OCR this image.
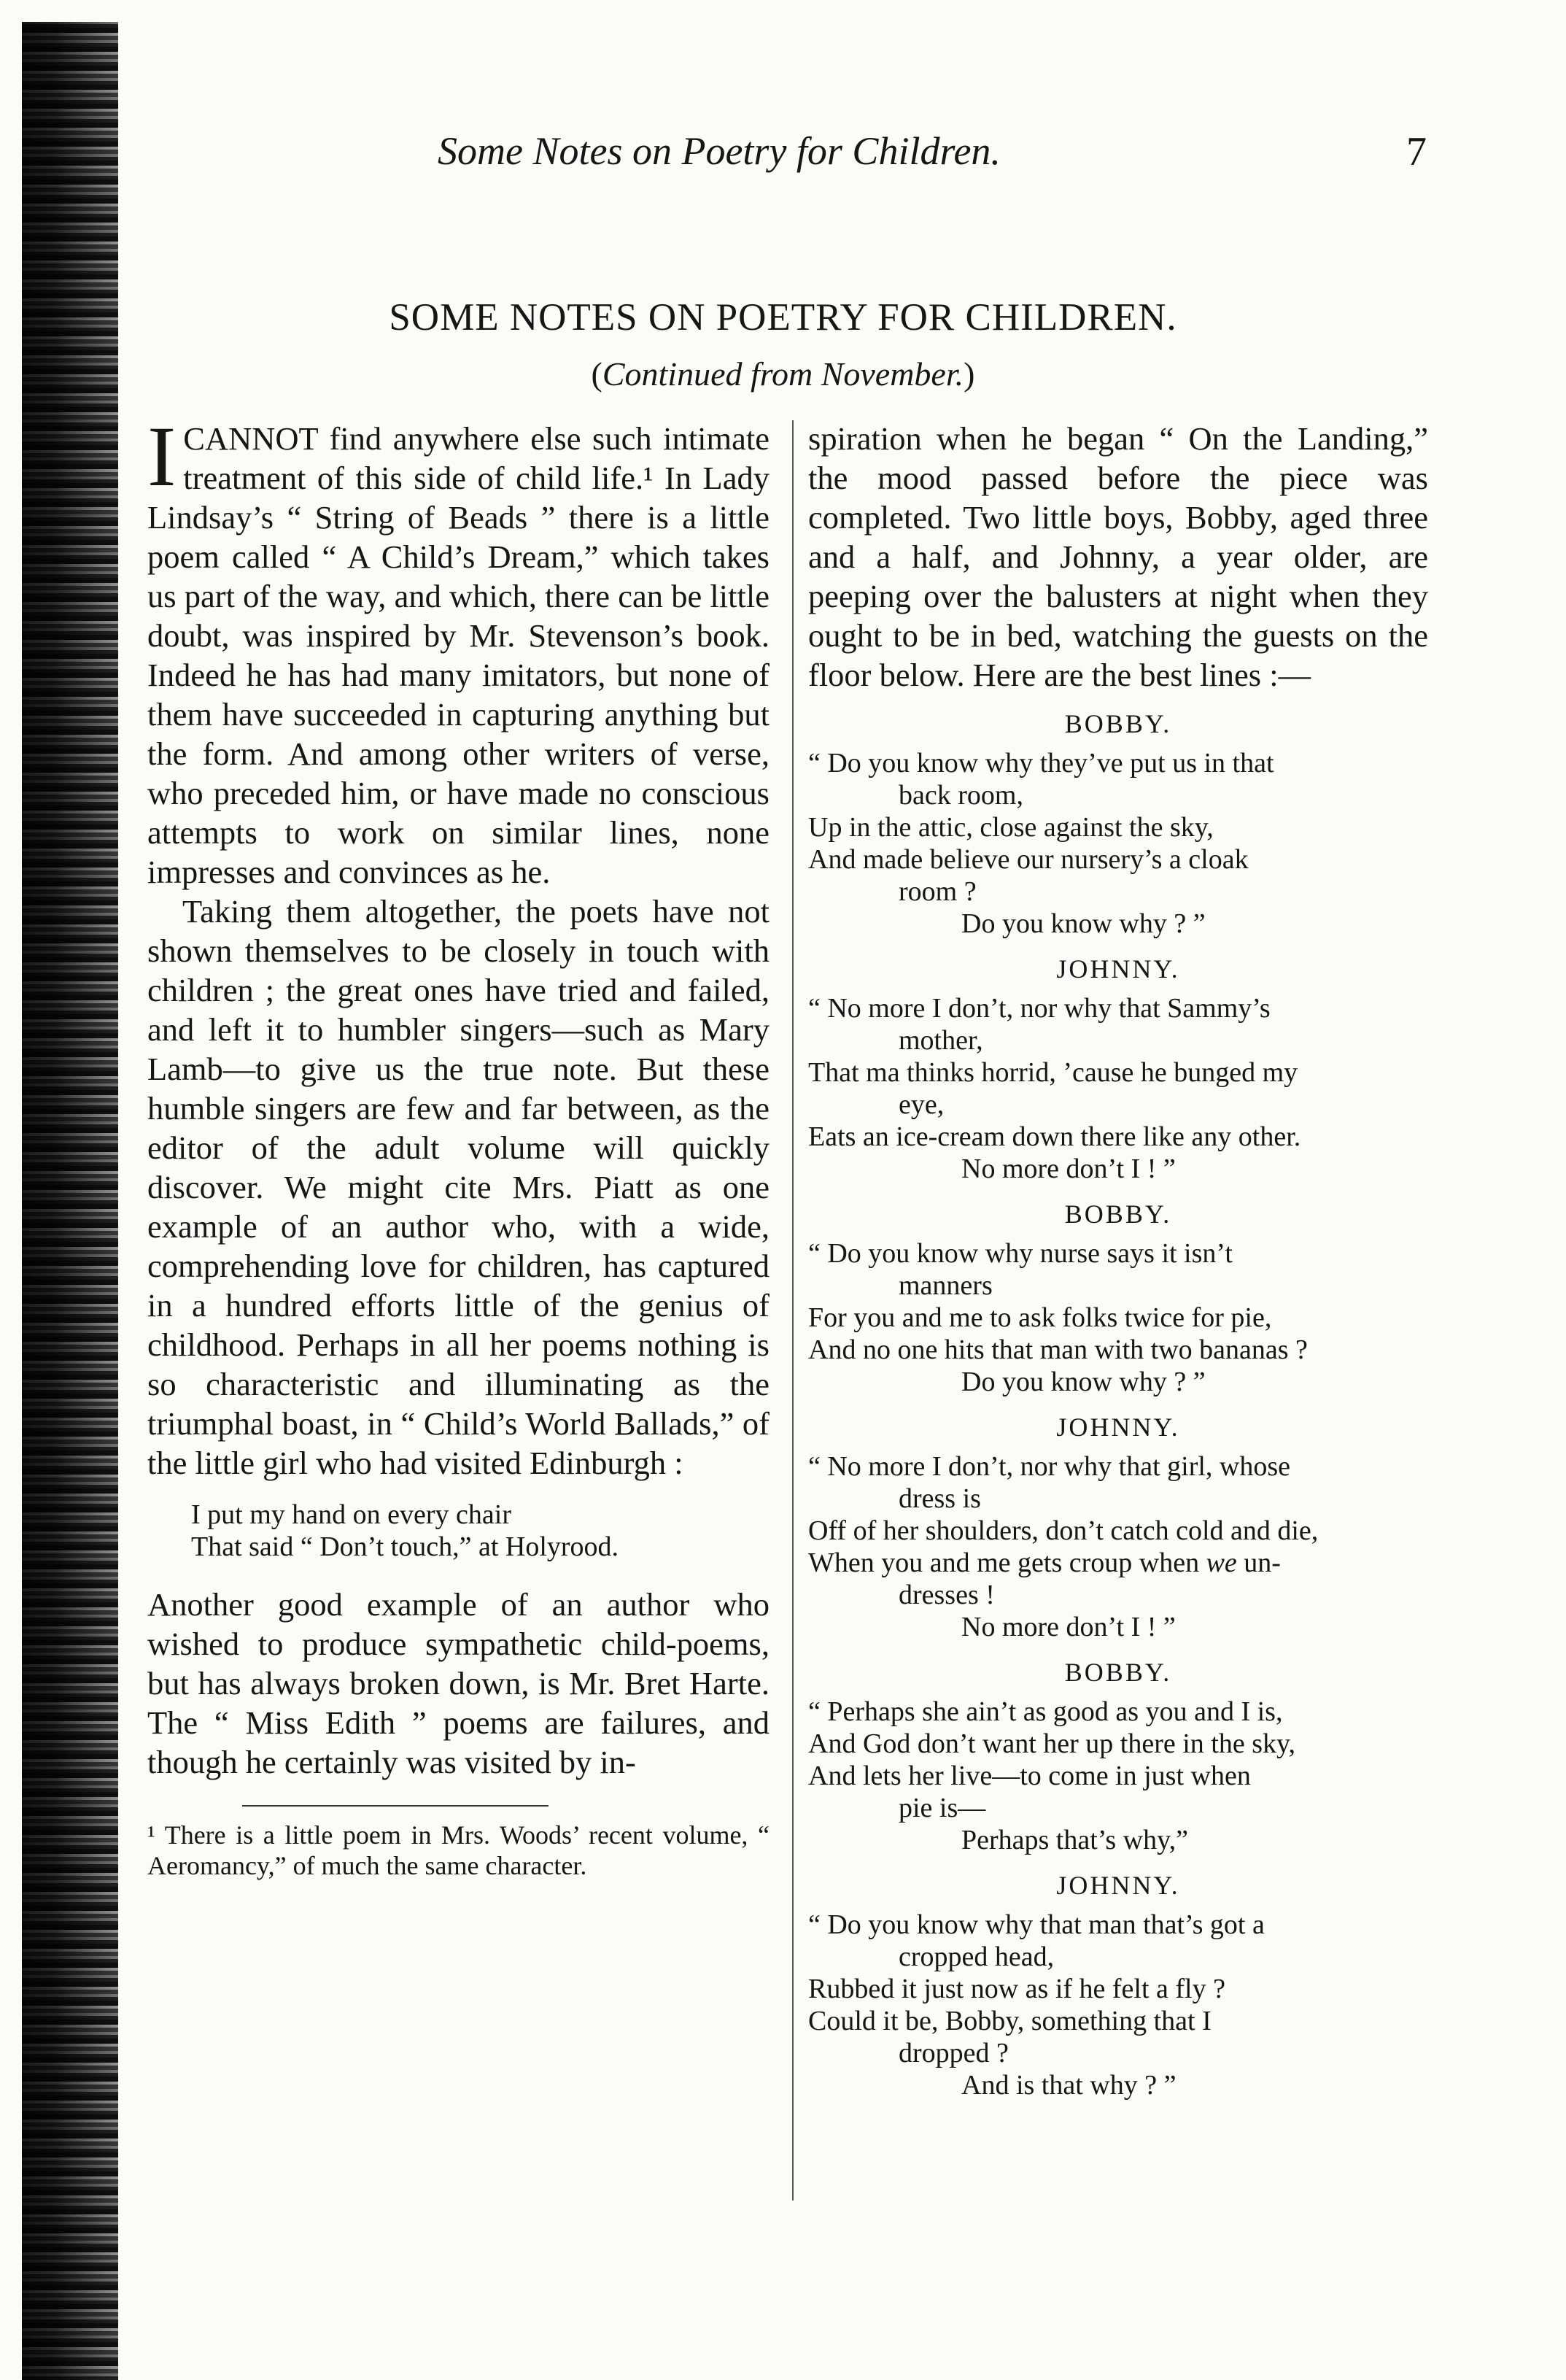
Some Notes on Poetry for Children.	7
SOME NOTES ON POETRY FOR CHILDREN.
(Continued from November.)

ICANNOT find anywhere else such intimate treatment of this side of child life.¹ In Lady Lindsay’s “ String of Beads ” there is a little poem called “ A Child’s Dream,” which takes us part of the way, and which, there can be little doubt, was inspired by Mr. Stevenson’s book. Indeed he has had many imitators, but none of them have succeeded in capturing anything but the form. And among other writers of verse, who preceded him, or have made no conscious attempts to work on similar lines, none impresses and convinces as he.

Taking them altogether, the poets have not shown themselves to be closely in touch with children ; the great ones have tried and failed, and left it to humbler singers—such as Mary Lamb—to give us the true note. But these humble singers are few and far between, as the editor of the adult volume will quickly discover. We might cite Mrs. Piatt as one example of an author who, with a wide, comprehending love for children, has captured in a hundred efforts little of the genius of childhood. Perhaps in all her poems nothing is so characteristic and illuminating as the triumphal boast, in “ Child’s World Ballads,” of the little girl who had visited Edinburgh :

I put my hand on every chair
That said “ Don’t touch,” at Holyrood.

Another good example of an author who wished to produce sympathetic child-poems, but has always broken down, is Mr. Bret Harte. The “ Miss Edith ” poems are failures, and though he certainly was visited by in-

¹ There is a little poem in Mrs. Woods’ recent volume, “ Aeromancy,” of much the same character.

spiration when he began “ On the Landing,” the mood passed before the piece was completed. Two little boys, Bobby, aged three and a half, and Johnny, a year older, are peeping over the balusters at night when they ought to be in bed, watching the guests on the floor below. Here are the best lines :—

BOBBY.
“ Do you know why they’ve put us in that
back room,
Up in the attic, close against the sky,
And made believe our nursery’s a cloak
room ?
Do you know why ? ”
JOHNNY.
“ No more I don’t, nor why that Sammy’s
mother,
That ma thinks horrid, ’cause he bunged my
eye,
Eats an ice-cream down there like any other.
No more don’t I ! ”
BOBBY.
“ Do you know why nurse says it isn’t
manners
For you and me to ask folks twice for pie,
And no one hits that man with two bananas ?
Do you know why ? ”
JOHNNY.
“ No more I don’t, nor why that girl, whose
dress is
Off of her shoulders, don’t catch cold and die,
When you and me gets croup when we un-
dresses !
No more don’t I ! ”
BOBBY.
“ Perhaps she ain’t as good as you and I is,
And God don’t want her up there in the sky,
And lets her live—to come in just when
pie is—
Perhaps that’s why,”
JOHNNY.
“ Do you know why that man that’s got a
cropped head,
Rubbed it just now as if he felt a fly ?
Could it be, Bobby, something that I
dropped ?
And is that why ? ”
